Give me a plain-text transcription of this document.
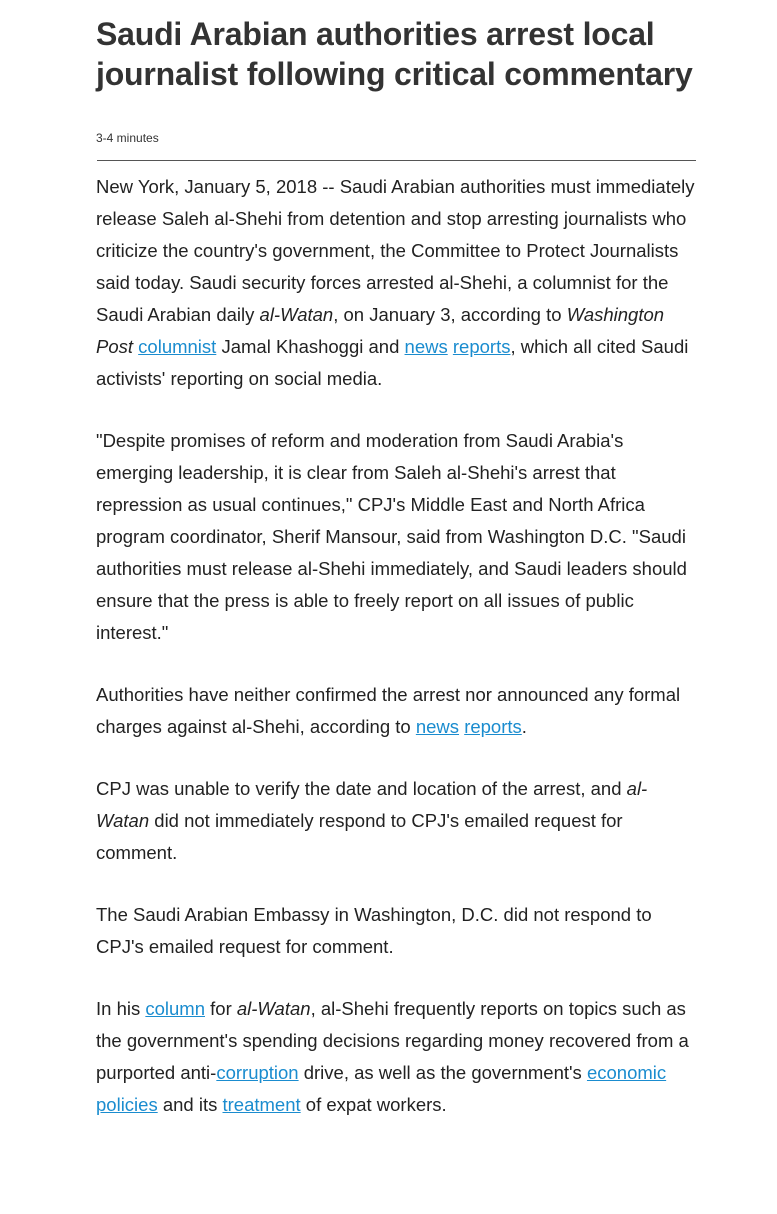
Saudi Arabian authorities arrest local journalist following critical commentary
3-4 minutes

New York, January 5, 2018 -- Saudi Arabian authorities must immediately release Saleh al-Shehi from detention and stop arresting journalists who criticize the country's government, the Committee to Protect Journalists said today. Saudi security forces arrested al-Shehi, a columnist for the Saudi Arabian daily al-Watan, on January 3, according to Washington Post columnist Jamal Khashoggi and news reports, which all cited Saudi activists' reporting on social media.

"Despite promises of reform and moderation from Saudi Arabia's emerging leadership, it is clear from Saleh al-Shehi's arrest that repression as usual continues," CPJ's Middle East and North Africa program coordinator, Sherif Mansour, said from Washington D.C. "Saudi authorities must release al-Shehi immediately, and Saudi leaders should ensure that the press is able to freely report on all issues of public interest."

Authorities have neither confirmed the arrest nor announced any formal charges against al-Shehi, according to news reports.

CPJ was unable to verify the date and location of the arrest, and al-Watan did not immediately respond to CPJ's emailed request for comment.

The Saudi Arabian Embassy in Washington, D.C. did not respond to CPJ's emailed request for comment.

In his column for al-Watan, al-Shehi frequently reports on topics such as the government's spending decisions regarding money recovered from a purported anti-corruption drive, as well as the government's economic policies and its treatment of expat workers.
